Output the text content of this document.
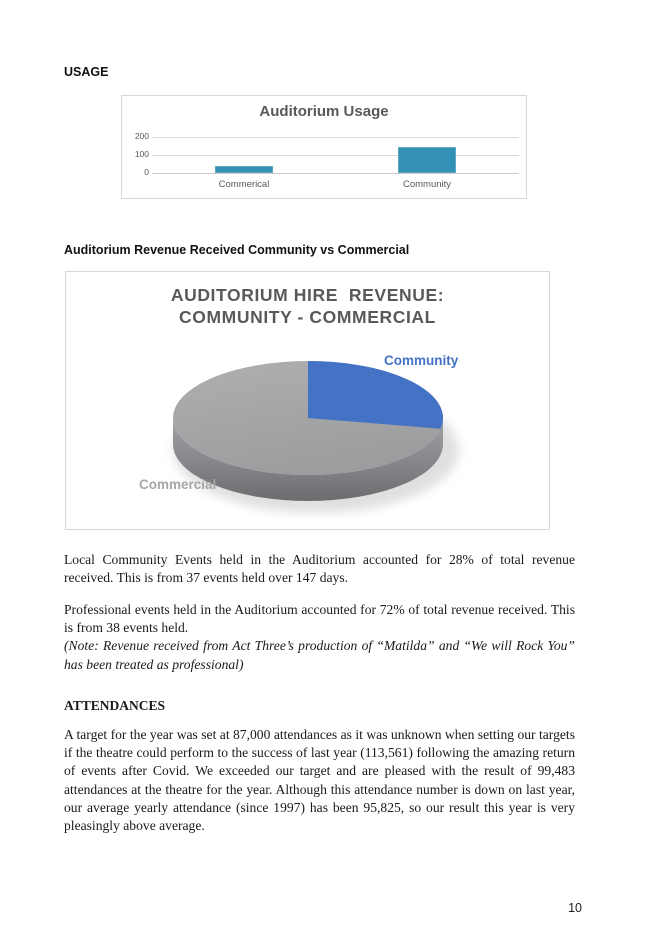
USAGE
0
100
200
Commerical	Community
Auditorium Usage
Auditorium Revenue Received Community vs Commercial
AUDITORIUM HIRE  REVENUE:
COMMUNITY - COMMERCIAL
Community
Commercial

Local Community Events held in the Auditorium accounted for 28% of total revenue received. This is from 37 events held over 147 days.

Professional events held in the Auditorium accounted for 72% of total revenue received. This is from 38 events held.
(Note: Revenue received from Act Three’s production of “Matilda” and “We will Rock You” has been treated as professional)
ATTENDANCES

A target for the year was set at 87,000 attendances as it was unknown when setting our targets if the theatre could perform to the success of last year (113,561) following the amazing return of events after Covid. We exceeded our target and are pleased with the result of 99,483 attendances at the theatre for the year. Although this attendance number is down on last year, our average yearly attendance (since 1997) has been 95,825, so our result this year is very pleasingly above average.

10
